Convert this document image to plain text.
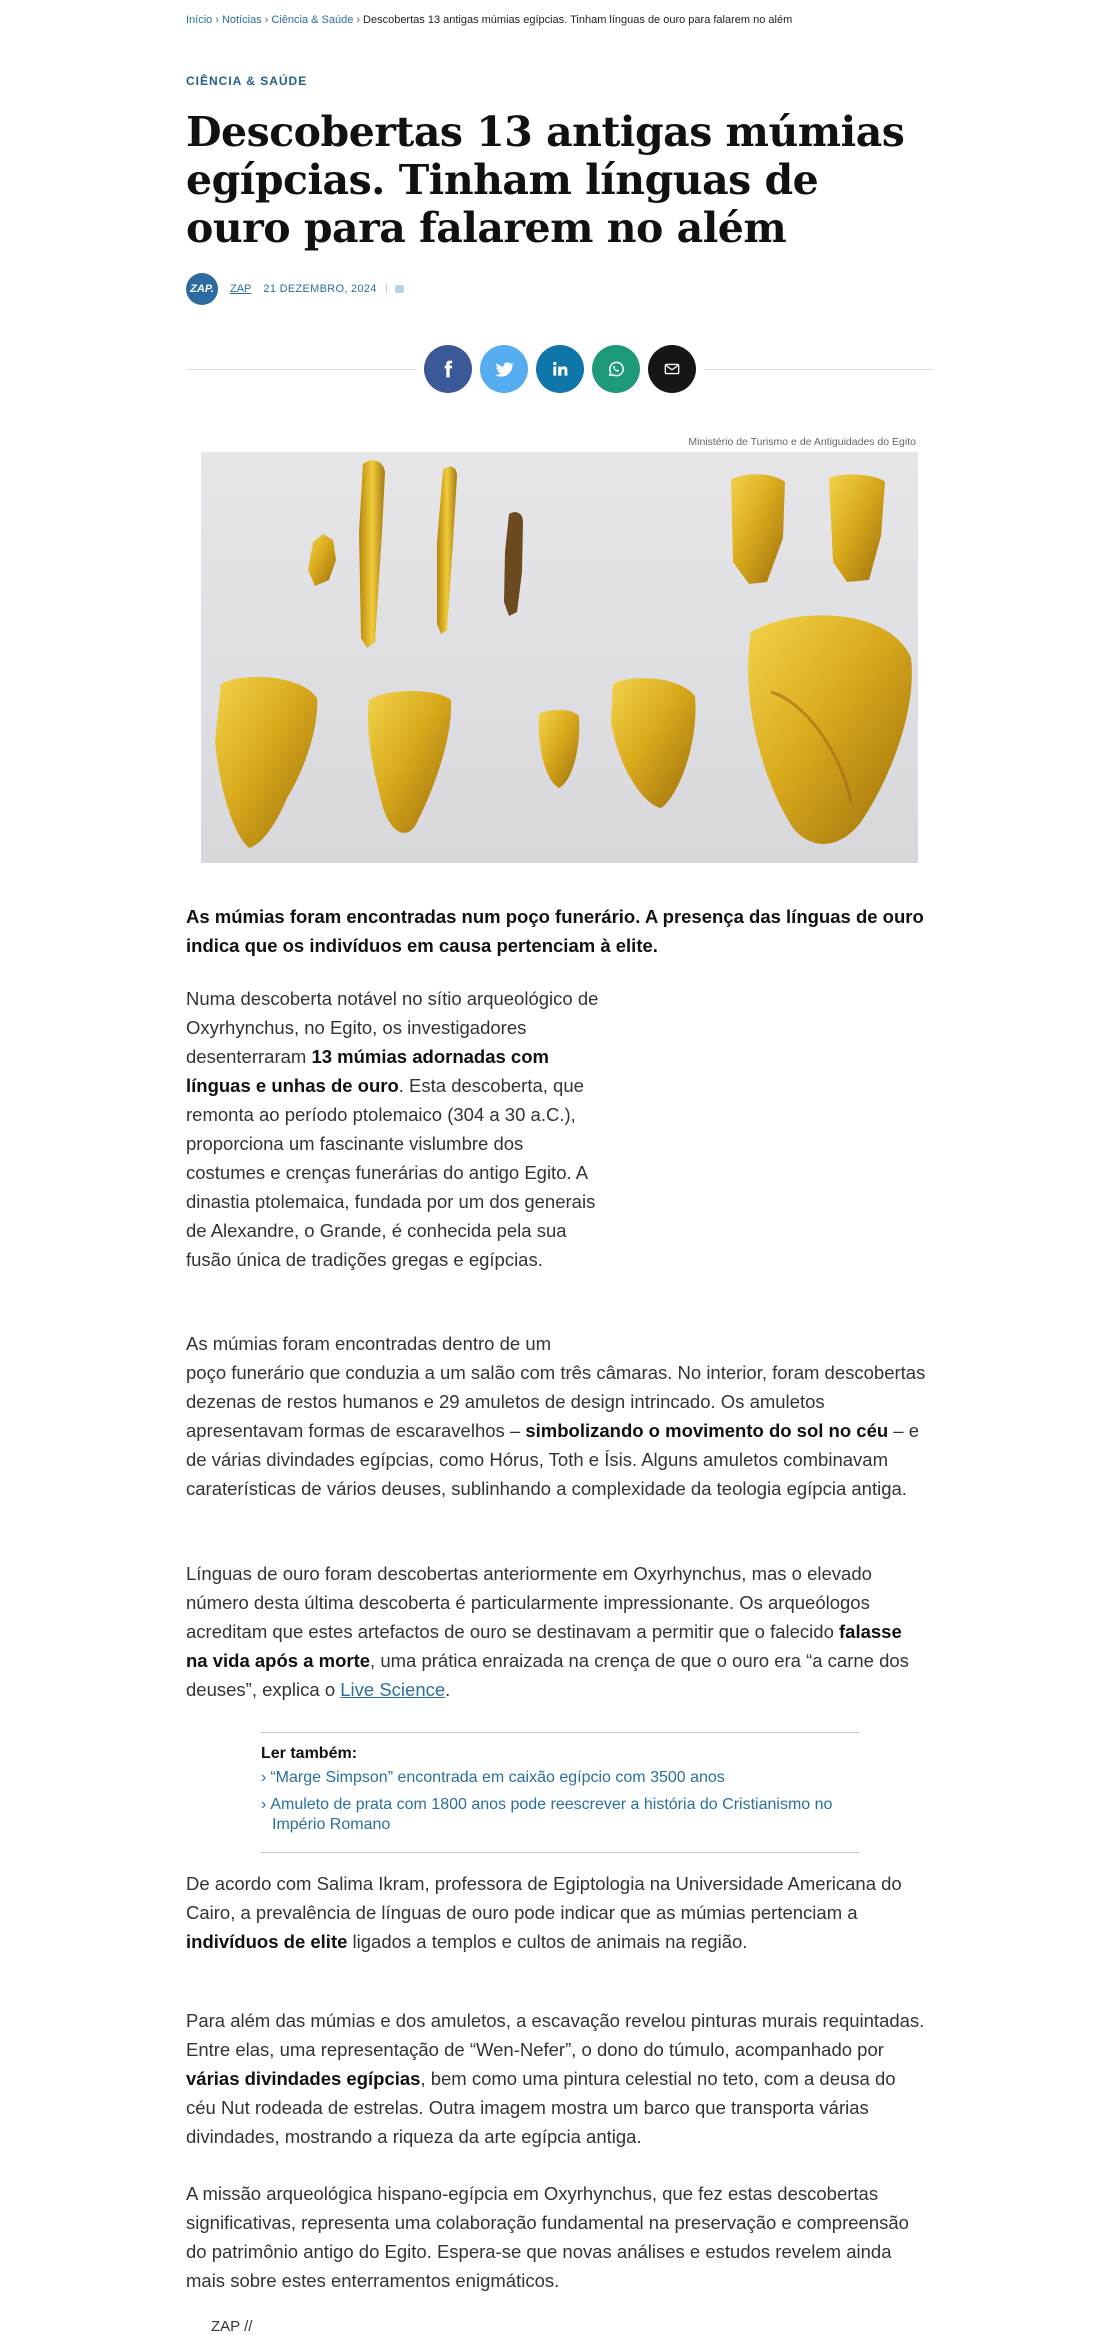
Início › Notícias › Ciência & Saúde › Descobertas 13 antigas múmias egípcias. Tinham línguas de ouro para falarem no além
CIÊNCIA & SAÚDE
Descobertas 13 antigas múmias egípcias. Tinham línguas de ouro para falarem no além
ZAP.	ZAP 21 DEZEMBRO, 2024
Ministério de Turismo e de Antiguidades do Egito

As múmias foram encontradas num poço funerário. A presença das línguas de ouro indica que os indivíduos em causa pertenciam à elite.

Numa descoberta notável no sítio arqueológico de Oxyrhynchus, no Egito, os investigadores desenterraram 13 múmias adornadas com línguas e unhas de ouro. Esta descoberta, que remonta ao período ptolemaico (304 a 30 a.C.), proporciona um fascinante vislumbre dos costumes e crenças funerárias do antigo Egito. A dinastia ptolemaica, fundada por um dos generais de Alexandre, o Grande, é conhecida pela sua fusão única de tradições gregas e egípcias.

As múmias foram encontradas dentro de um
poço funerário que conduzia a um salão com três câmaras. No interior, foram descobertas dezenas de restos humanos e 29 amuletos de design intrincado. Os amuletos apresentavam formas de escaravelhos – simbolizando o movimento do sol no céu – e de várias divindades egípcias, como Hórus, Toth e Ísis. Alguns amuletos combinavam caraterísticas de vários deuses, sublinhando a complexidade da teologia egípcia antiga.

Línguas de ouro foram descobertas anteriormente em Oxyrhynchus, mas o elevado número desta última descoberta é particularmente impressionante. Os arqueólogos acreditam que estes artefactos de ouro se destinavam a permitir que o falecido falasse na vida após a morte, uma prática enraizada na crença de que o ouro era “a carne dos deuses”, explica o Live Science.

Ler também:
› “Marge Simpson” encontrada em caixão egípcio com 3500 anos
› Amuleto de prata com 1800 anos pode reescrever a história do Cristianismo no Império Romano

De acordo com Salima Ikram, professora de Egiptologia na Universidade Americana do Cairo, a prevalência de línguas de ouro pode indicar que as múmias pertenciam a indivíduos de elite ligados a templos e cultos de animais na região.

Para além das múmias e dos amuletos, a escavação revelou pinturas murais requintadas. Entre elas, uma representação de “Wen-Nefer”, o dono do túmulo, acompanhado por várias divindades egípcias, bem como uma pintura celestial no teto, com a deusa do céu Nut rodeada de estrelas. Outra imagem mostra um barco que transporta várias divindades, mostrando a riqueza da arte egípcia antiga.

A missão arqueológica hispano-egípcia em Oxyrhynchus, que fez estas descobertas significativas, representa uma colaboração fundamental na preservação e compreensão do patrimônio antigo do Egito. Espera-se que novas análises e estudos revelem ainda mais sobre estes enterramentos enigmáticos.

ZAP //
